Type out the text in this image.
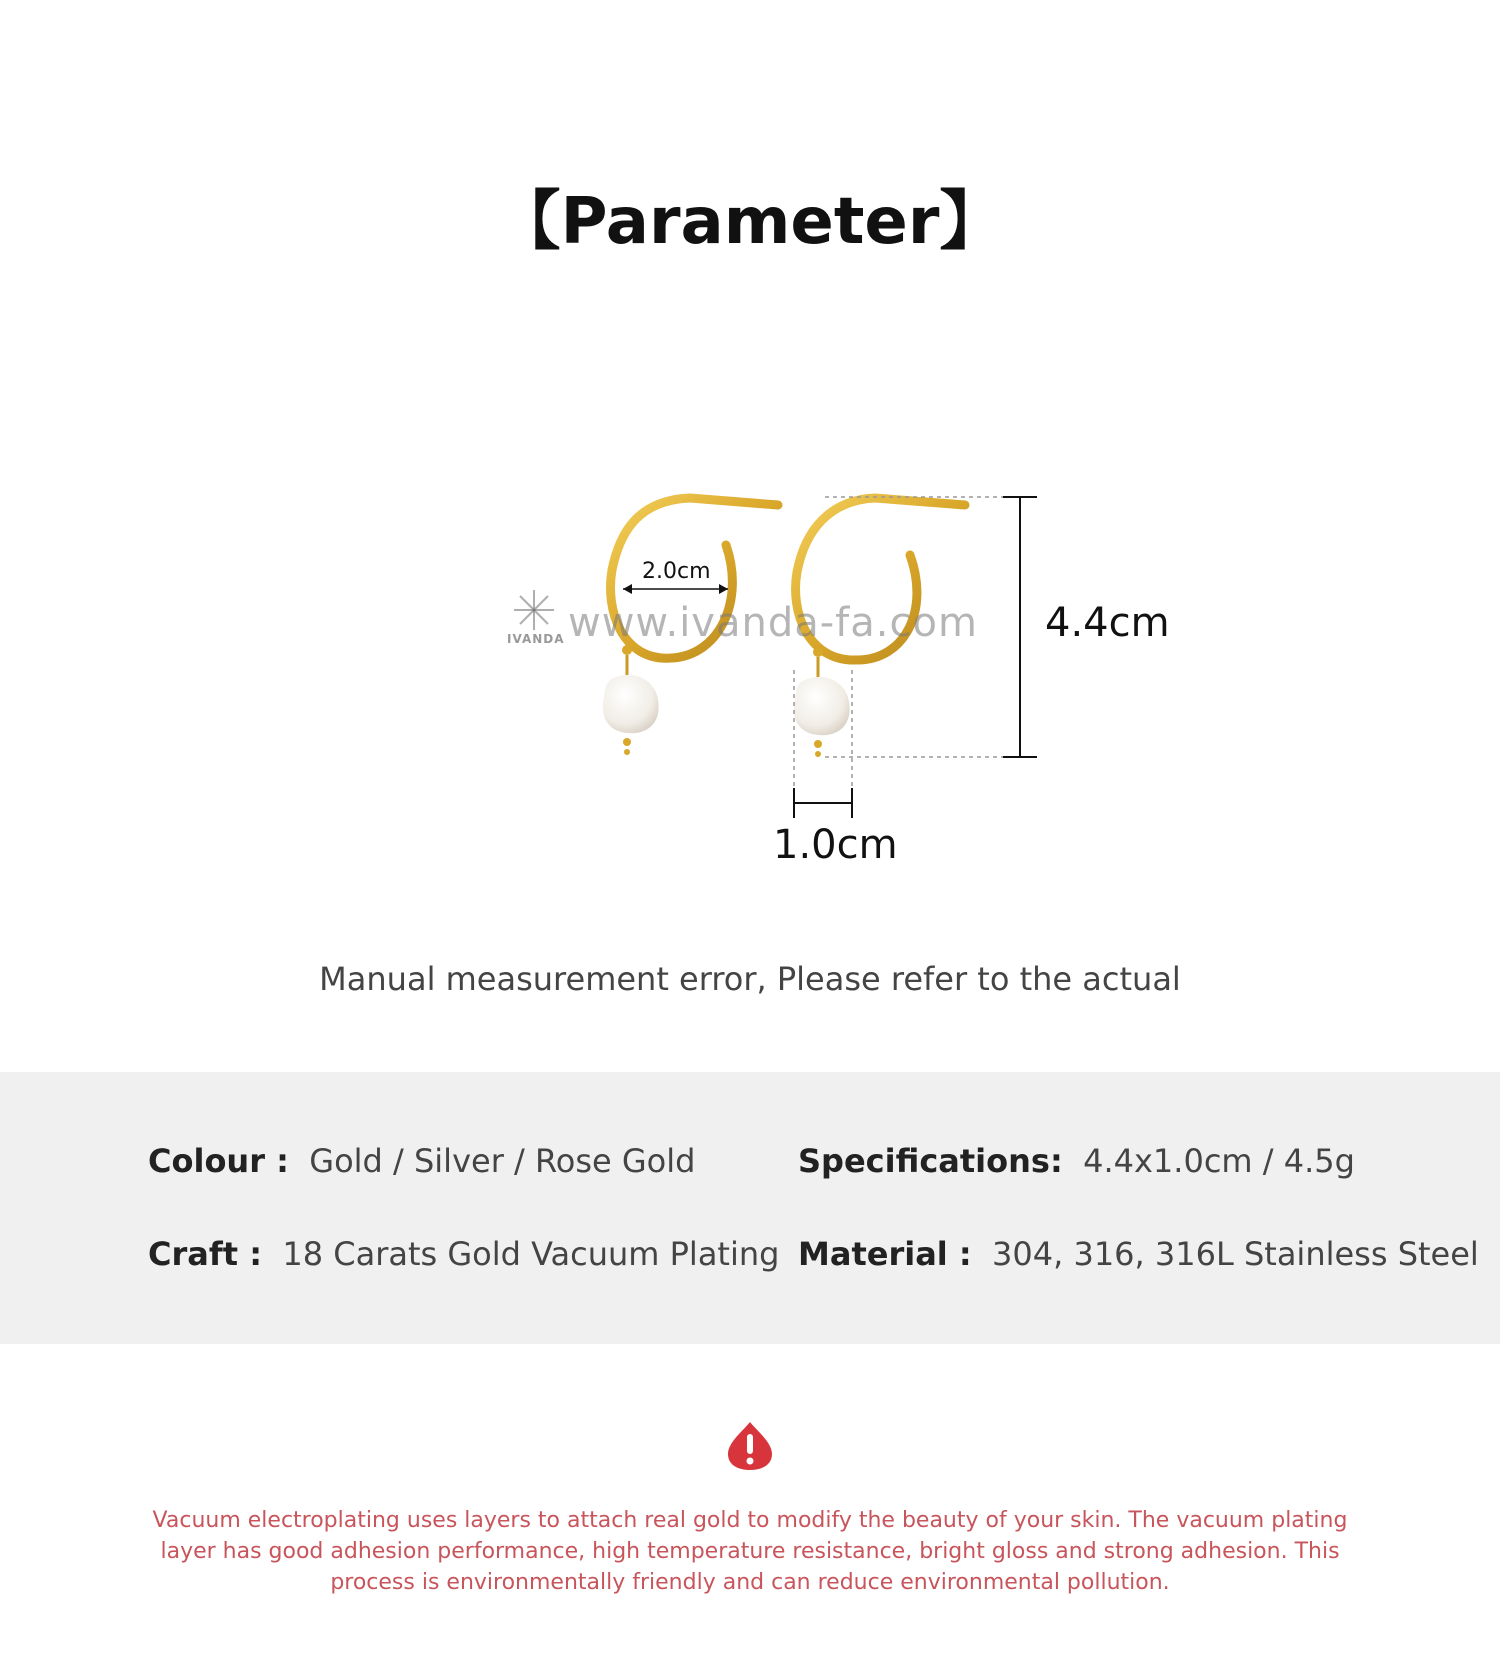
【Parameter】
IVANDA www.ivanda-fa.com
2.0cm
4.4cm
1.0cm
Manual measurement error, Please refer to the actual
Colour : Gold / Silver / Rose Gold	Specifications: 4.4x1.0cm / 4.5g
Craft : 18 Carats Gold Vacuum Plating Material : 304, 316, 316L Stainless Steel
Vacuum electroplating uses layers to attach real gold to modify the beauty of your skin. The vacuum plating layer has good adhesion performance, high temperature resistance, bright gloss and strong adhesion. This process is environmentally friendly and can reduce environmental pollution.
